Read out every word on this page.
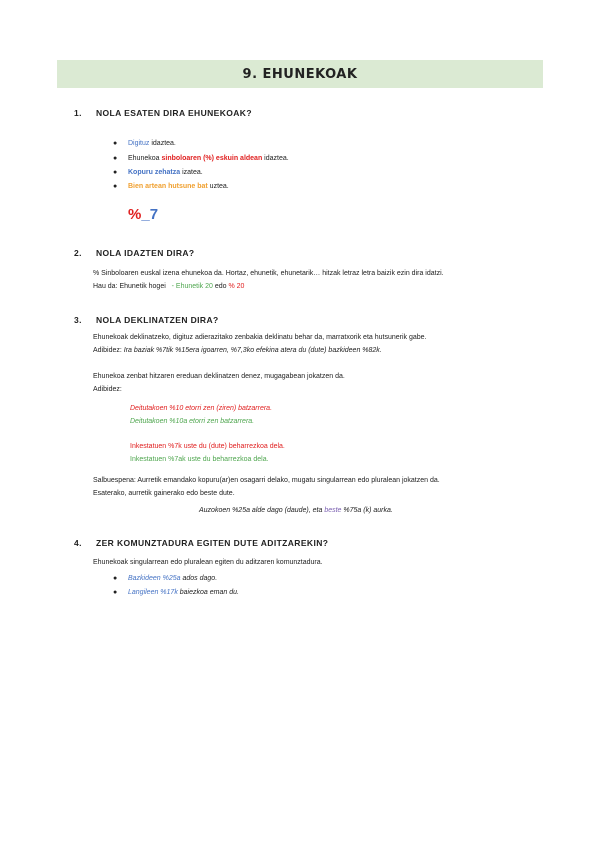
9. EHUNEKOAK
1. NOLA ESATEN DIRA EHUNEKOAK?
● Digituz idaztea.
● Ehunekoa sinboloaren (%) eskuin aldean idaztea.
● Kopuru zehatza izatea.
● Bien artean hutsune bat uztea.
%_7
2. NOLA IDAZTEN DIRA?
% Sinboloaren euskal izena ehunekoa da. Hortaz, ehunetik, ehunetarik… hitzak letraz letra baizik ezin dira idatzi.
Hau da: Ehunetik hogei - Ehunetik 20 edo % 20
3. NOLA DEKLINATZEN DIRA?
Ehunekoak deklinatzeko, digituz adierazitako zenbakia deklinatu behar da, marratxorik eta hutsunerik gabe.
Adibidez: Ira baziak %7tik %15era igoarren, %7,3ko efekina atera du (dute) bazkideen %82k.
Ehunekoa zenbat hitzaren ereduan deklinatzen denez, mugagabean jokatzen da.
Adibidez:
Deitutakoen %10 etorri zen (ziren) batzarrera.
Deitutakoen %10a etorri zen batzarrera.
Inkestatuen %7k uste du (dute) beharrezkoa dela.
Inkestatuen %7ak uste du beharrezkoa dela.
Salbuespena: Aurretik emandako kopuru(ar)en osagarri delako, mugatu singularrean edo pluralean jokatzen da.
Esaterako, aurretik gainerako edo beste dute.
Auzokoen %25a alde dago (daude), eta beste %75a (k) aurka.
4. ZER KOMUNZTADURA EGITEN DUTE ADITZAREKIN?
Ehunekoak singularrean edo pluralean egiten du aditzaren komunztadura.
● Bazkideen %25a ados dago.
● Langileen %17k baiezkoa eman du.
